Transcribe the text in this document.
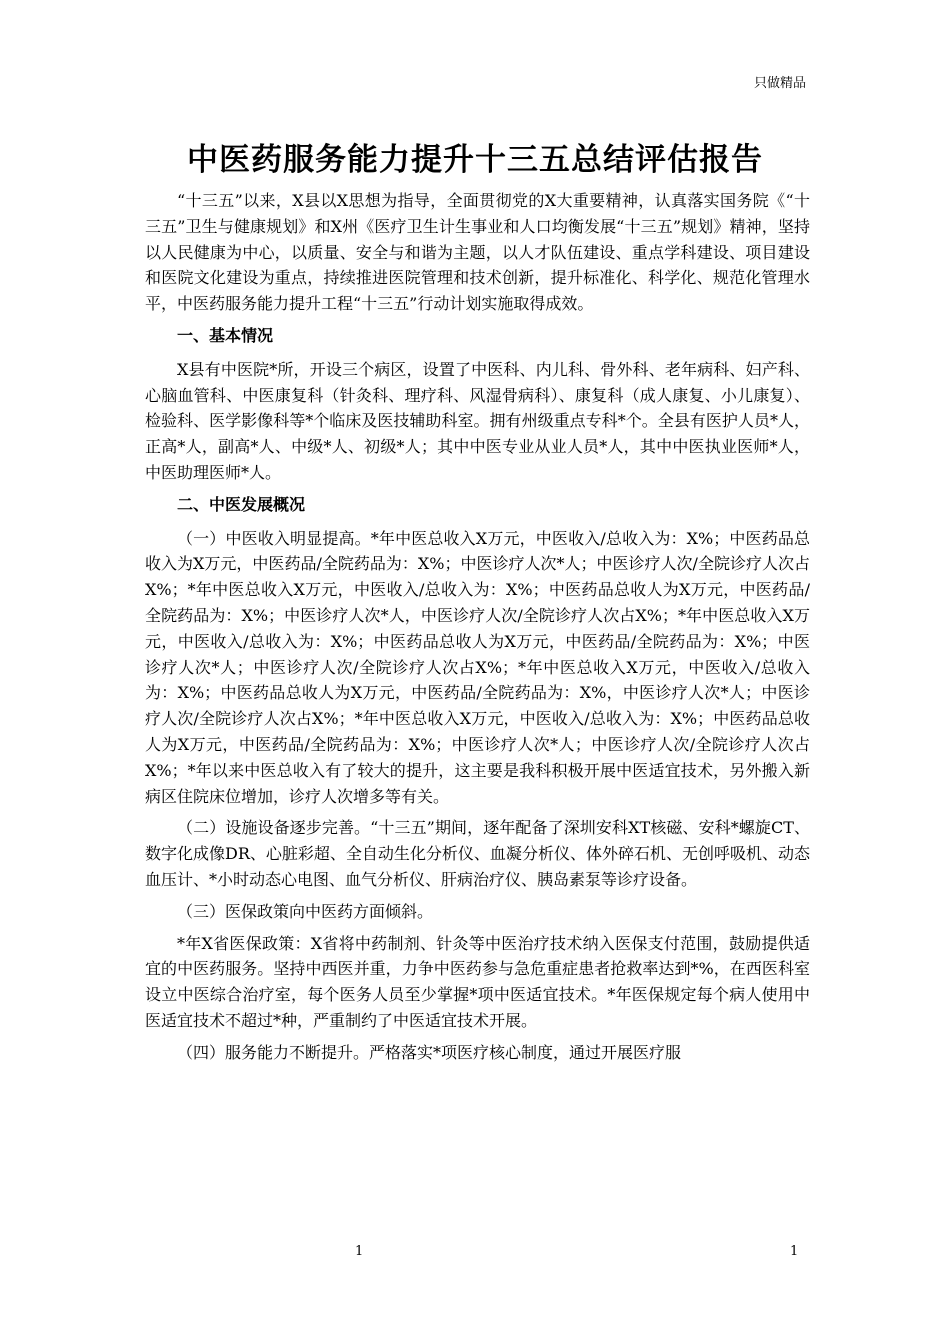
只做精品
中医药服务能力提升十三五总结评估报告

“十三五”以来，X县以X思想为指导，全面贯彻党的X大重要精神，认真落实国务院《“十三五”卫生与健康规划》和X州《医疗卫生计生事业和人口均衡发展“十三五”规划》精神，坚持以人民健康为中心，以质量、安全与和谐为主题，以人才队伍建设、重点学科建设、项目建设和医院文化建设为重点，持续推进医院管理和技术创新，提升标准化、科学化、规范化管理水平，中医药服务能力提升工程“十三五”行动计划实施取得成效。

一、基本情况

X县有中医院*所，开设三个病区，设置了中医科、内儿科、骨外科、老年病科、妇产科、心脑血管科、中医康复科（针灸科、理疗科、风湿骨病科）、康复科（成人康复、小儿康复）、检验科、医学影像科等*个临床及医技辅助科室。拥有州级重点专科*个。全县有医护人员*人，正高*人，副高*人、中级*人、初级*人；其中中医专业从业人员*人，其中中医执业医师*人，中医助理医师*人。

二、中医发展概况

（一）中医收入明显提高。*年中医总收入X万元，中医收入/总收入为：X%；中医药品总收入为X万元，中医药品/全院药品为：X%；中医诊疗人次*人；中医诊疗人次/全院诊疗人次占X%；*年中医总收入X万元，中医收入/总收入为：X%；中医药品总收人为X万元，中医药品/全院药品为：X%；中医诊疗人次*人，中医诊疗人次/全院诊疗人次占X%；*年中医总收入X万元，中医收入/总收入为：X%；中医药品总收人为X万元，中医药品/全院药品为：X%；中医诊疗人次*人；中医诊疗人次/全院诊疗人次占X%；*年中医总收入X万元，中医收入/总收入为：X%；中医药品总收人为X万元，中医药品/全院药品为：X%，中医诊疗人次*人；中医诊疗人次/全院诊疗人次占X%；*年中医总收入X万元，中医收入/总收入为：X%；中医药品总收人为X万元，中医药品/全院药品为：X%；中医诊疗人次*人；中医诊疗人次/全院诊疗人次占X%；*年以来中医总收入有了较大的提升，这主要是我科积极开展中医适宜技术，另外搬入新病区住院床位增加，诊疗人次增多等有关。

（二）设施设备逐步完善。“十三五”期间，逐年配备了深圳安科XT核磁、安科*螺旋CT、数字化成像DR、心脏彩超、全自动生化分析仪、血凝分析仪、体外碎石机、无创呼吸机、动态血压计、*小时动态心电图、血气分析仪、肝病治疗仪、胰岛素泵等诊疗设备。

（三）医保政策向中医药方面倾斜。

*年X省医保政策：X省将中药制剂、针灸等中医治疗技术纳入医保支付范围，鼓励提供适宜的中医药服务。坚持中西医并重，力争中医药参与急危重症患者抢救率达到*%，在西医科室设立中医综合治疗室，每个医务人员至少掌握*项中医适宜技术。*年医保规定每个病人使用中医适宜技术不超过*种，严重制约了中医适宜技术开展。

（四）服务能力不断提升。严格落实*项医疗核心制度，通过开展医疗服

1	1
